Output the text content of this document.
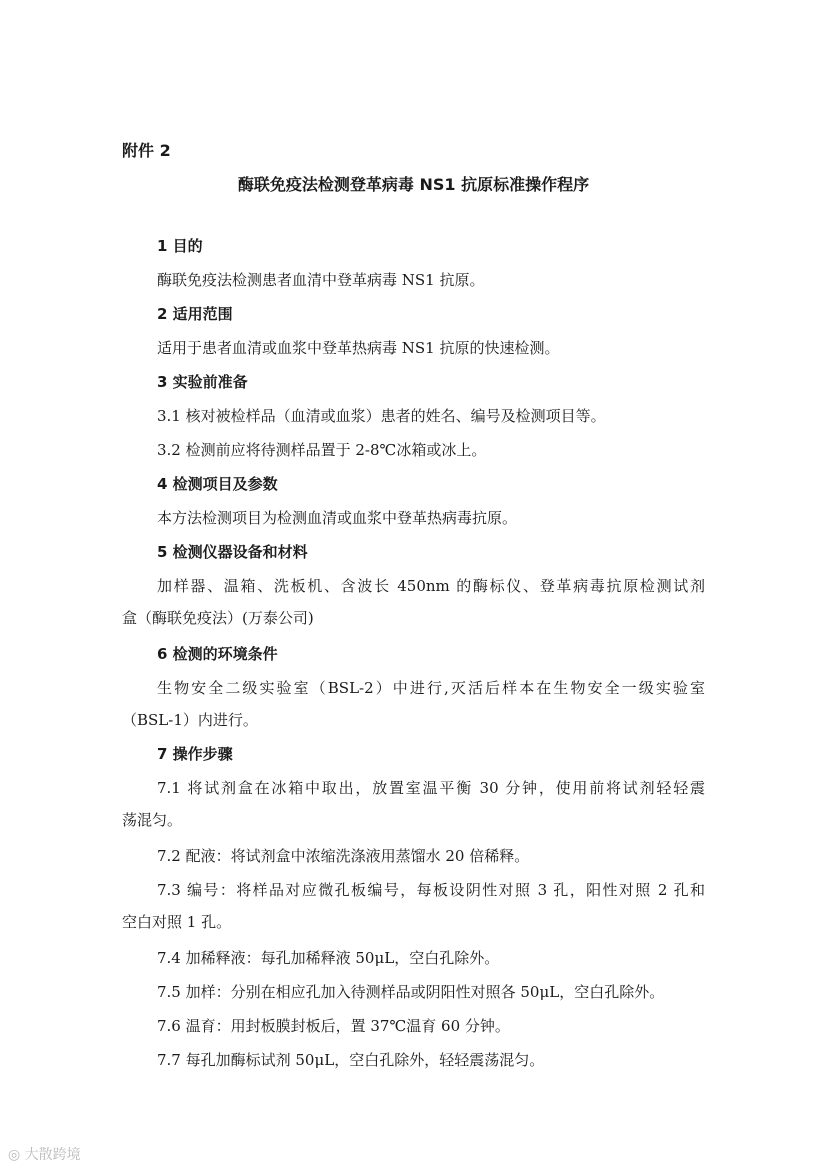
附件 2
酶联免疫法检测登革病毒 NS1 抗原标准操作程序
1 目的
酶联免疫法检测患者血清中登革病毒 NS1 抗原。
2 适用范围
适用于患者血清或血浆中登革热病毒 NS1 抗原的快速检测。
3 实验前准备
3.1 核对被检样品（血清或血浆）患者的姓名、编号及检测项目等。
3.2 检测前应将待测样品置于 2-8℃冰箱或冰上。
4 检测项目及参数
本方法检测项目为检测血清或血浆中登革热病毒抗原。
5 检测仪器设备和材料
加样器、温箱、洗板机、含波长 450nm 的酶标仪、登革病毒抗原检测试剂
盒（酶联免疫法）(万泰公司)
6 检测的环境条件
生物安全二级实验室（BSL-2）中进行,灭活后样本在生物安全一级实验室
（BSL-1）内进行。
7 操作步骤
7.1 将试剂盒在冰箱中取出，放置室温平衡 30 分钟，使用前将试剂轻轻震
荡混匀。
7.2 配液：将试剂盒中浓缩洗涤液用蒸馏水 20 倍稀释。
7.3 编号：将样品对应微孔板编号，每板设阴性对照 3 孔，阳性对照 2 孔和
空白对照 1 孔。
7.4 加稀释液：每孔加稀释液 50μL，空白孔除外。
7.5 加样：分别在相应孔加入待测样品或阴阳性对照各 50μL，空白孔除外。
7.6 温育：用封板膜封板后，置 37℃温育 60 分钟。
7.7 每孔加酶标试剂 50μL，空白孔除外，轻轻震荡混匀。
◎ 大散跨境
